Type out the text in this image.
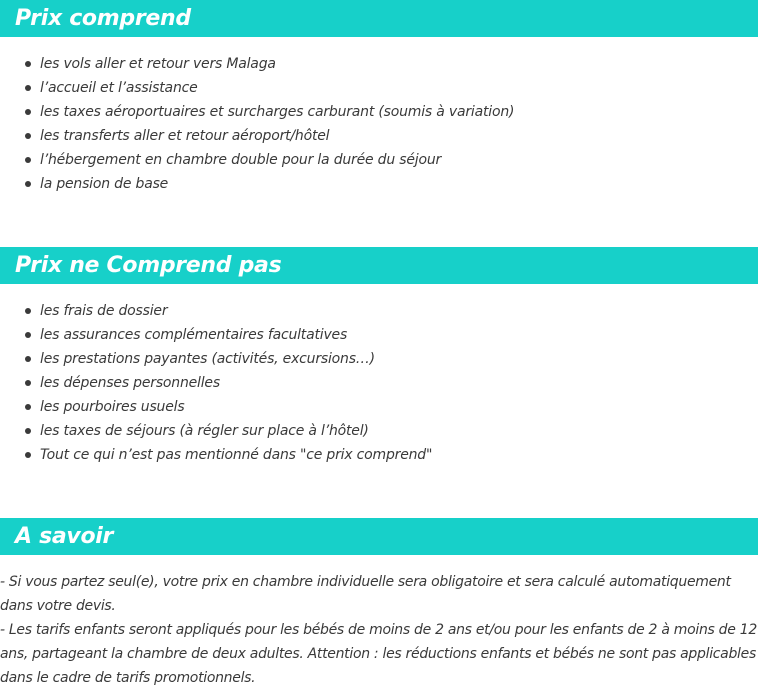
Prix comprend
les vols aller et retour vers Malaga
l’accueil et l’assistance
les taxes aéroportuaires et surcharges carburant (soumis à variation)
les transferts aller et retour aéroport/hôtel
l’hébergement en chambre double pour la durée du séjour
la pension de base
Prix ne Comprend pas
les frais de dossier
les assurances complémentaires facultatives
les prestations payantes (activités, excursions…)
les dépenses personnelles
les pourboires usuels
les taxes de séjours (à régler sur place à l’hôtel)
Tout ce qui n’est pas mentionné dans "ce prix comprend"
A savoir

- Si vous partez seul(e), votre prix en chambre individuelle sera obligatoire et sera calculé automatiquement dans votre devis.

- Les tarifs enfants seront appliqués pour les bébés de moins de 2 ans et/ou pour les enfants de 2 à moins de 12 ans, partageant la chambre de deux adultes. Attention : les réductions enfants et bébés ne sont pas applicables dans le cadre de tarifs promotionnels.
